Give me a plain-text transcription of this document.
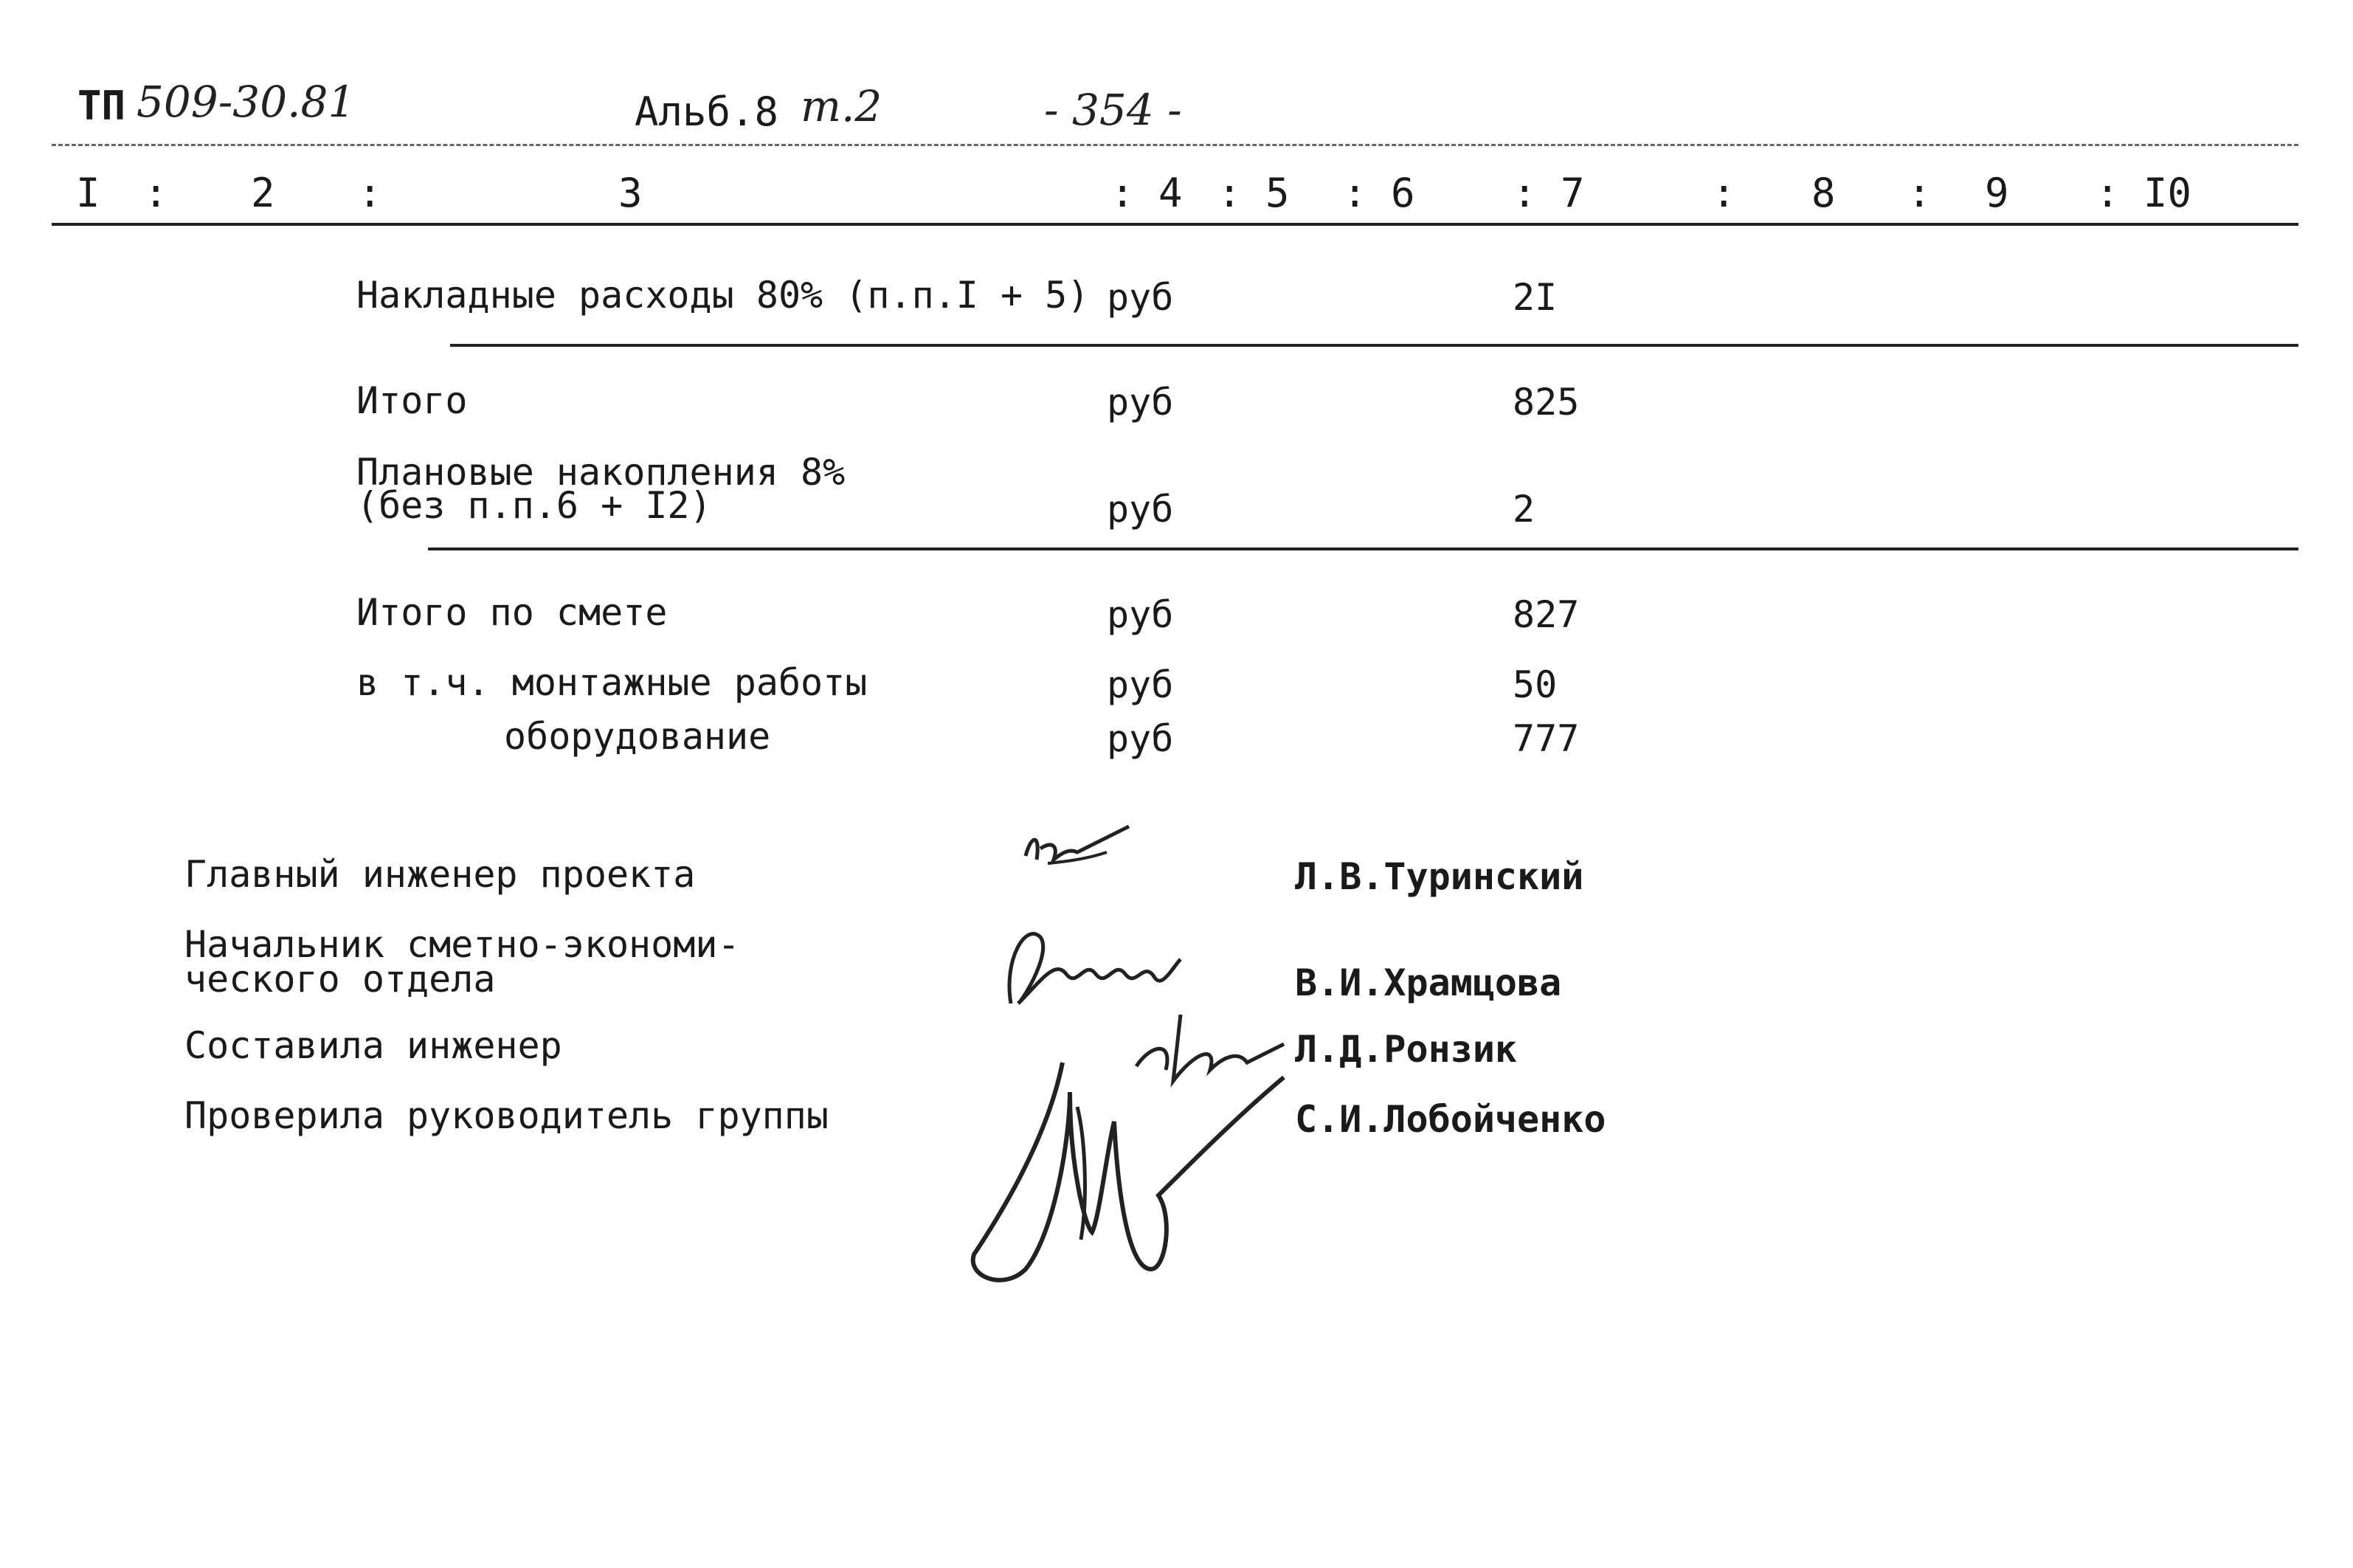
ТП 509-30.81	Альб.8 т.2	- 354 -
I : 2 :	3	: 4 : 5 : 6 : 7	: 8 : 9 : I0
Накладные расходы 80% (п.п.I + 5) руб	2I
Итого	руб	825
Плановые накопления 8%
(без п.п.6 + I2)	руб	2
Итого по смете	руб	827
в т.ч. монтажные работы	руб	50
оборудование	руб	777
Главный инженер проекта	Л.В.Туринский
Начальник сметно-экономи-
ческого отдела	В.И.Храмцова
Составила инженер	Л.Д.Ронзик
Проверила руководитель группы	С.И.Лобойченко
